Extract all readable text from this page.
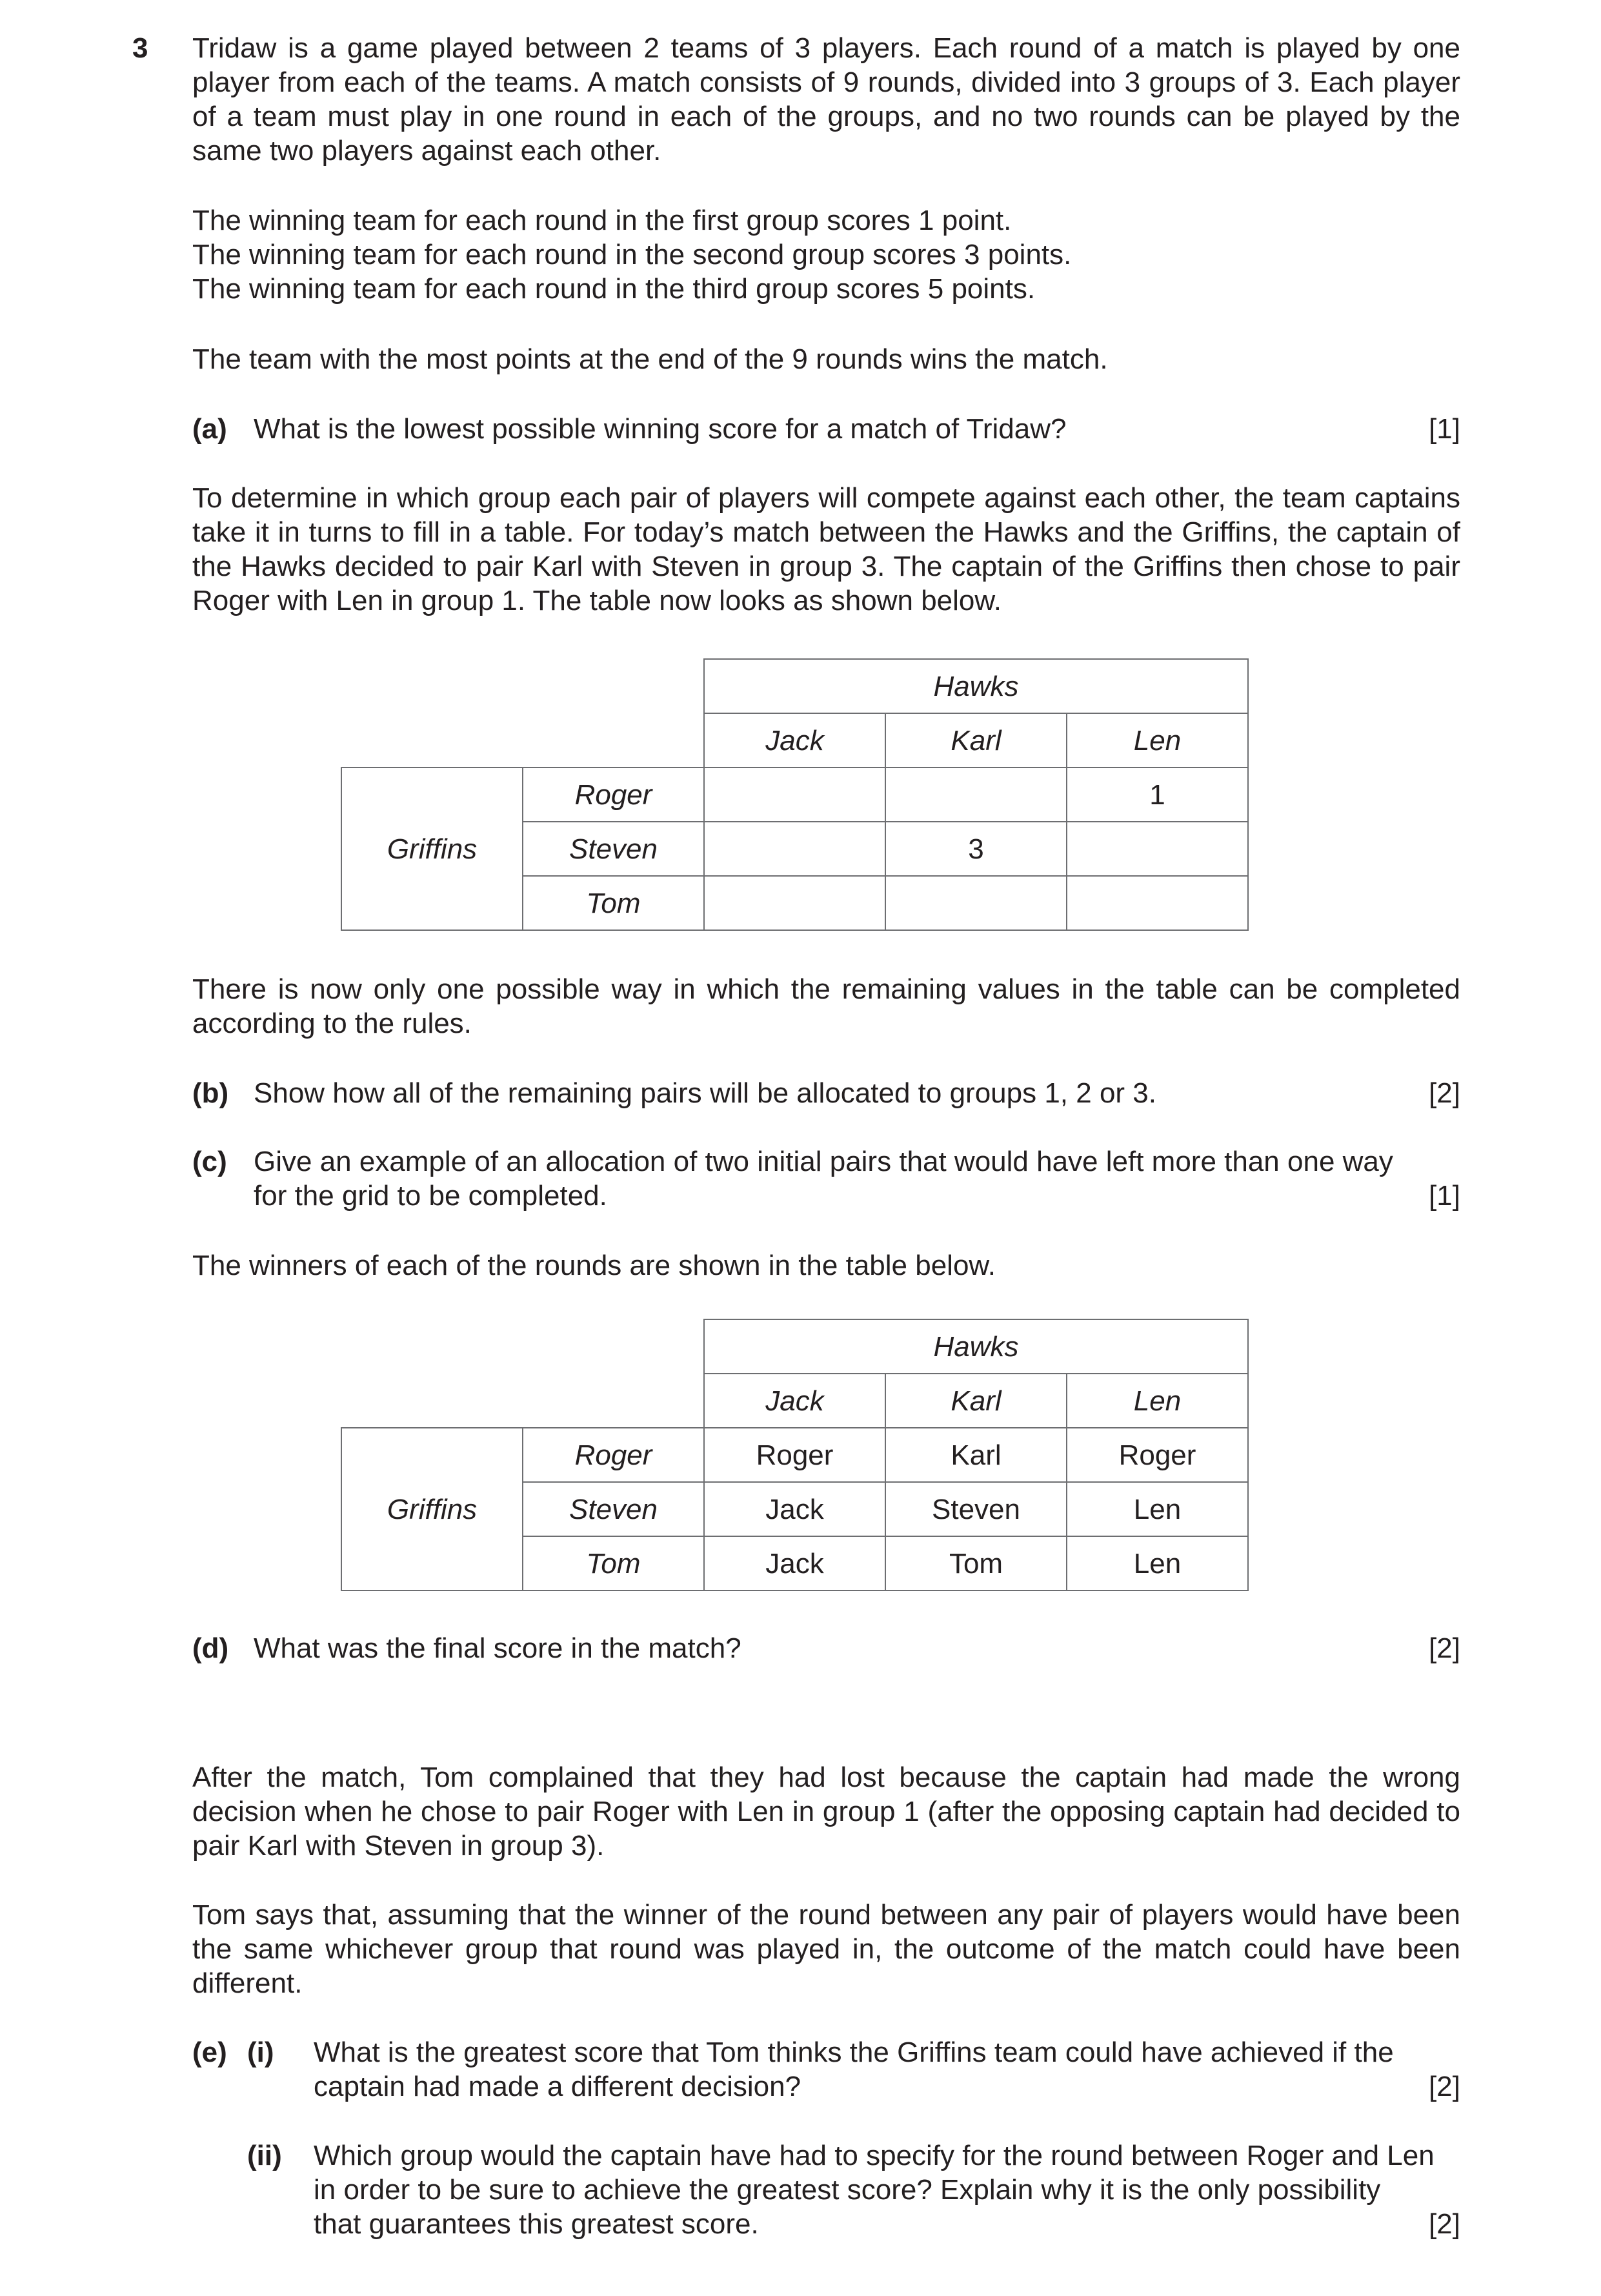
3 Tridaw is a game played between 2 teams of 3 players. Each round of a match is played by one player from each of the teams. A match consists of 9 rounds, divided into 3 groups of 3. Each player of a team must play in one round in each of the groups, and no two rounds can be played by the same two players against each other.

The winning team for each round in the first group scores 1 point.

The winning team for each round in the second group scores 3 points.

The winning team for each round in the third group scores 5 points.

The team with the most points at the end of the 9 rounds wins the match.

(a) What is the lowest possible winning score for a match of Tridaw?	[1]

To determine in which group each pair of players will compete against each other, the team captains take it in turns to fill in a table. For today’s match between the Hawks and the Griffins, the captain of the Hawks decided to pair Karl with Steven in group 3. The captain of the Griffins then chose to pair Roger with Len in group 1. The table now looks as shown below.

		Hawks		
		Jack	Karl	Len
Griffins	Roger			1
	Steven		3	
	Tom			

There is now only one possible way in which the remaining values in the table can be completed according to the rules.

(b) Show how all of the remaining pairs will be allocated to groups 1, 2 or 3.	[2]
(c) Give an example of an allocation of two initial pairs that would have left more than one way
for the grid to be completed.	[1]

The winners of each of the rounds are shown in the table below.

		Hawks		
		Jack	Karl	Len
Griffins	Roger	Roger	Karl	Roger
	Steven	Jack	Steven	Len
	Tom	Jack	Tom	Len
(d) What was the final score in the match?	[2]

After the match, Tom complained that they had lost because the captain had made the wrong decision when he chose to pair Roger with Len in group 1 (after the opposing captain had decided to pair Karl with Steven in group 3).

Tom says that, assuming that the winner of the round between any pair of players would have been the same whichever group that round was played in, the outcome of the match could have been different.

(e) (i) What is the greatest score that Tom thinks the Griffins team could have achieved if the
captain had made a different decision?	[2]
(ii) Which group would the captain have had to specify for the round between Roger and Len
in order to be sure to achieve the greatest score? Explain why it is the only possibility
that guarantees this greatest score.	[2]
